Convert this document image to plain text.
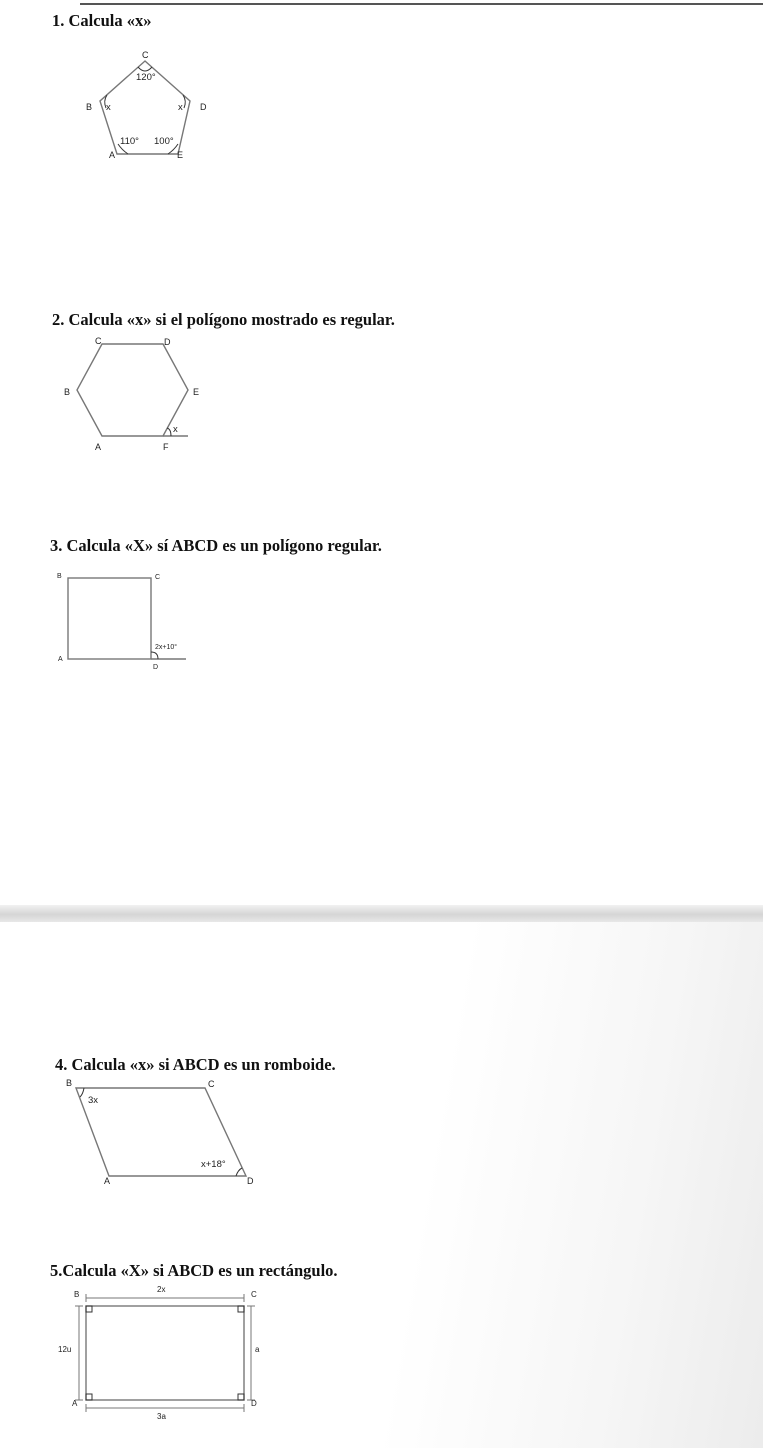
1. Calcula «x»
C
B	D
A	E
120°
x	x
110° 100°
2. Calcula «x» si el polígono mostrado es regular.
C	D
B	E
A	F
x
3. Calcula «X» sí ABCD es un polígono regular.
B	C
A
D
2x+10°
4. Calcula «x» si ABCD es un romboide.
B	C
A	D
3x
x+18°
5.Calcula «X» si ABCD es un rectángulo.
B	C
A	D
2x
3a
12u	a
